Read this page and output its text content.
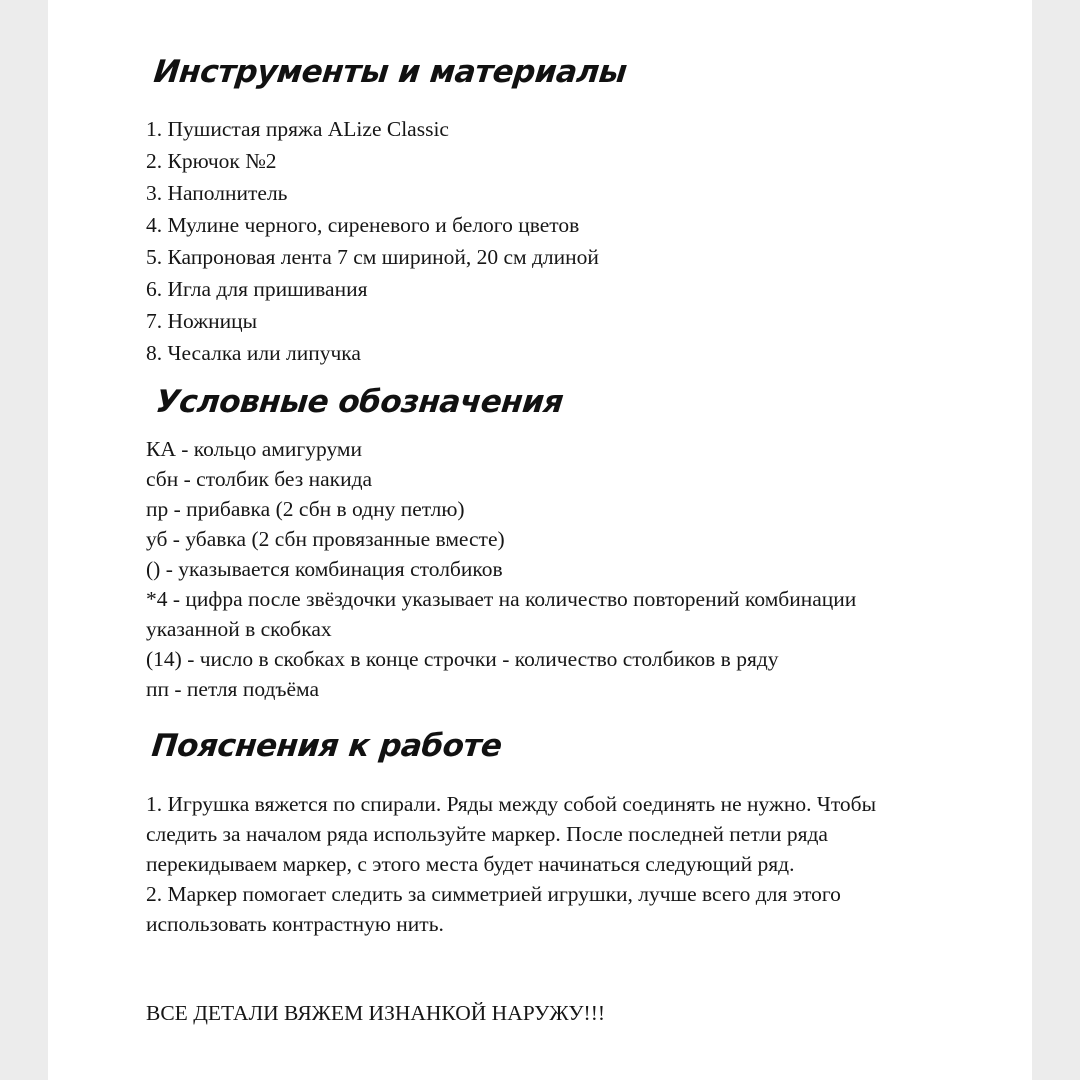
Инструменты и материалы
1. Пушистая пряжа ALize Classic
2. Крючок №2
3. Наполнитель
4. Мулине черного, сиреневого и белого цветов
5. Капроновая лента 7 см шириной, 20 см длиной
6. Игла для пришивания
7. Ножницы
8. Чесалка или липучка
Условные обозначения
КА - кольцо амигуруми
сбн - столбик без накида
пр - прибавка (2 сбн в одну петлю)
уб - убавка (2 сбн провязанные вместе)
() - указывается комбинация столбиков
*4 - цифра после звёздочки указывает на количество повторений комбинации указанной в скобках
(14) - число в скобках в конце строчки - количество столбиков в ряду
пп - петля подъёма
Пояснения к работе

1. Игрушка вяжется по спирали. Ряды между собой соединять не нужно. Чтобы следить за началом ряда используйте маркер. После последней петли ряда перекидываем маркер, с этого места будет начинаться следующий ряд.

2. Маркер помогает следить за симметрией игрушки, лучше всего для этого использовать контрастную нить.

ВСЕ ДЕТАЛИ ВЯЖЕМ ИЗНАНКОЙ НАРУЖУ!!!
